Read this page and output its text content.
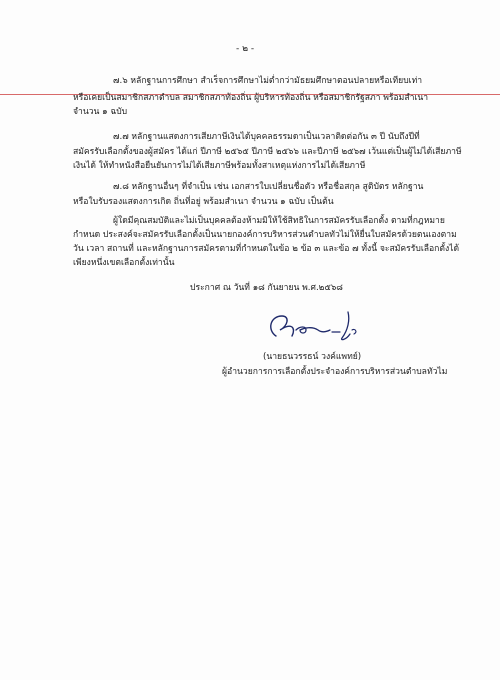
- ๒ -
๗.๖ หลักฐานการศึกษา สำเร็จการศึกษาไม่ต่ำกว่ามัธยมศึกษาตอนปลายหรือเทียบเท่า
หรือเคยเป็นสมาชิกสภาตำบล สมาชิกสภาท้องถิ่น ผู้บริหารท้องถิ่น หรือสมาชิกรัฐสภา พร้อมสำเนา
จำนวน ๑ ฉบับ
๗.๗ หลักฐานแสดงการเสียภาษีเงินได้บุคคลธรรมดาเป็นเวลาติดต่อกัน ๓ ปี นับถึงปีที่
สมัครรับเลือกตั้งของผู้สมัคร ได้แก่ ปีภาษี ๒๕๖๕ ปีภาษี ๒๕๖๖ และปีภาษี ๒๕๖๗ เว้นแต่เป็นผู้ไม่ได้เสียภาษี
เงินได้ ให้ทำหนังสือยืนยันการไม่ได้เสียภาษีพร้อมทั้งสาเหตุแห่งการไม่ได้เสียภาษี
๗.๘ หลักฐานอื่นๆ ที่จำเป็น เช่น เอกสารใบเปลี่ยนชื่อตัว หรือชื่อสกุล สูติบัตร หลักฐาน
หรือใบรับรองแสดงการเกิด ถิ่นที่อยู่ พร้อมสำเนา จำนวน ๑ ฉบับ เป็นต้น
ผู้ใดมีคุณสมบัติและไม่เป็นบุคคลต้องห้ามมิให้ใช้สิทธิในการสมัครรับเลือกตั้ง ตามที่กฎหมาย
กำหนด ประสงค์จะสมัครรับเลือกตั้งเป็นนายกองค์การบริหารส่วนตำบลทัวไม่ให้ยื่นใบสมัครด้วยตนเองตาม
วัน เวลา สถานที่ และหลักฐานการสมัครตามที่กำหนดในข้อ ๒ ข้อ ๓ และข้อ ๗ ทั้งนี้ จะสมัครรับเลือกตั้งได้
เพียงหนึ่งเขตเลือกตั้งเท่านั้น
ประกาศ ณ วันที่ ๑๘ กันยายน พ.ศ.๒๕๖๘
(นายธนวรรธน์ วงค์แพทย์)
ผู้อำนวยการการเลือกตั้งประจำองค์การบริหารส่วนตำบลทัวไม
